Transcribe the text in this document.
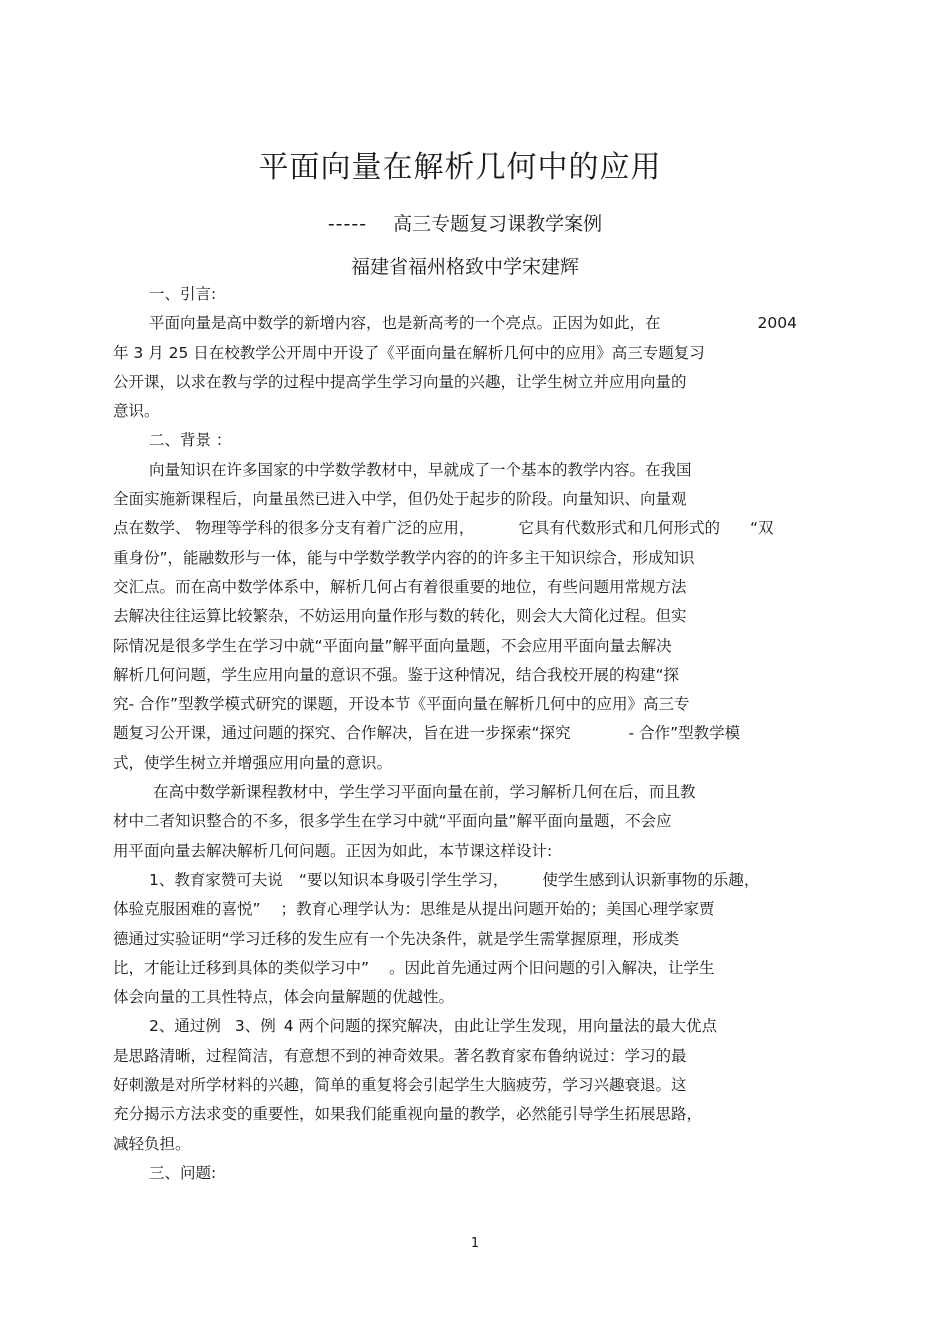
平面向量在解析几何中的应用
----- 高三专题复习课教学案例
福建省福州格致中学宋建辉
一、引言:
平面向量是高中数学的新增内容，也是新高考的一个亮点。正因为如此，在	2004
年 3 月 25 日在校教学公开周中开设了《平面向量在解析几何中的应用》高三专题复习
公开课，以求在教与学的过程中提高学生学习向量的兴趣，让学生树立并应用向量的
意识。
二、背景 ：
向量知识在许多国家的中学数学教材中，早就成了一个基本的教学内容。在我国
全面实施新课程后，向量虽然已进入中学，但仍处于起步的阶段。向量知识、向量观
点在数学、 物理等学科的很多分支有着广泛的应用，	它具有代数形式和几何形式的 “双
重身份”，能融数形与一体，能与中学数学教学内容的的许多主干知识综合，形成知识
交汇点。而在高中数学体系中，解析几何占有着很重要的地位，有些问题用常规方法
去解决往往运算比较繁杂，不妨运用向量作形与数的转化，则会大大简化过程。但实
际情况是很多学生在学习中就“平面向量”解平面向量题，不会应用平面向量去解决
解析几何问题，学生应用向量的意识不强。鉴于这种情况，结合我校开展的构建“探
究- 合作”型教学模式研究的课题，开设本节《平面向量在解析几何中的应用》高三专
题复习公开课，通过问题的探究、合作解决，旨在进一步探索“探究	- 合作”型教学模
式，使学生树立并增强应用向量的意识。
在高中数学新课程教材中，学生学习平面向量在前，学习解析几何在后，而且教
材中二者知识整合的不多，很多学生在学习中就“平面向量”解平面向量题，不会应
用平面向量去解决解析几何问题。正因为如此，本节课这样设计:
1、教育家赞可夫说 “要以知识本身吸引学生学习， 使学生感到认识新事物的乐趣，
体验克服困难的喜悦” ；教育心理学认为：思维是从提出问题开始的；美国心理学家贾
德通过实验证明“学习迁移的发生应有一个先决条件，就是学生需掌握原理，形成类
比，才能让迁移到具体的类似学习中” 。因此首先通过两个旧问题的引入解决，让学生
体会向量的工具性特点，体会向量解题的优越性。
2、通过例 3、例 4 两个问题的探究解决，由此让学生发现，用向量法的最大优点
是思路清晰，过程简洁，有意想不到的神奇效果。著名教育家布鲁纳说过：学习的最
好刺激是对所学材料的兴趣，简单的重复将会引起学生大脑疲劳，学习兴趣衰退。这
充分揭示方法求变的重要性，如果我们能重视向量的教学，必然能引导学生拓展思路，
减轻负担。
三、问题:
1
